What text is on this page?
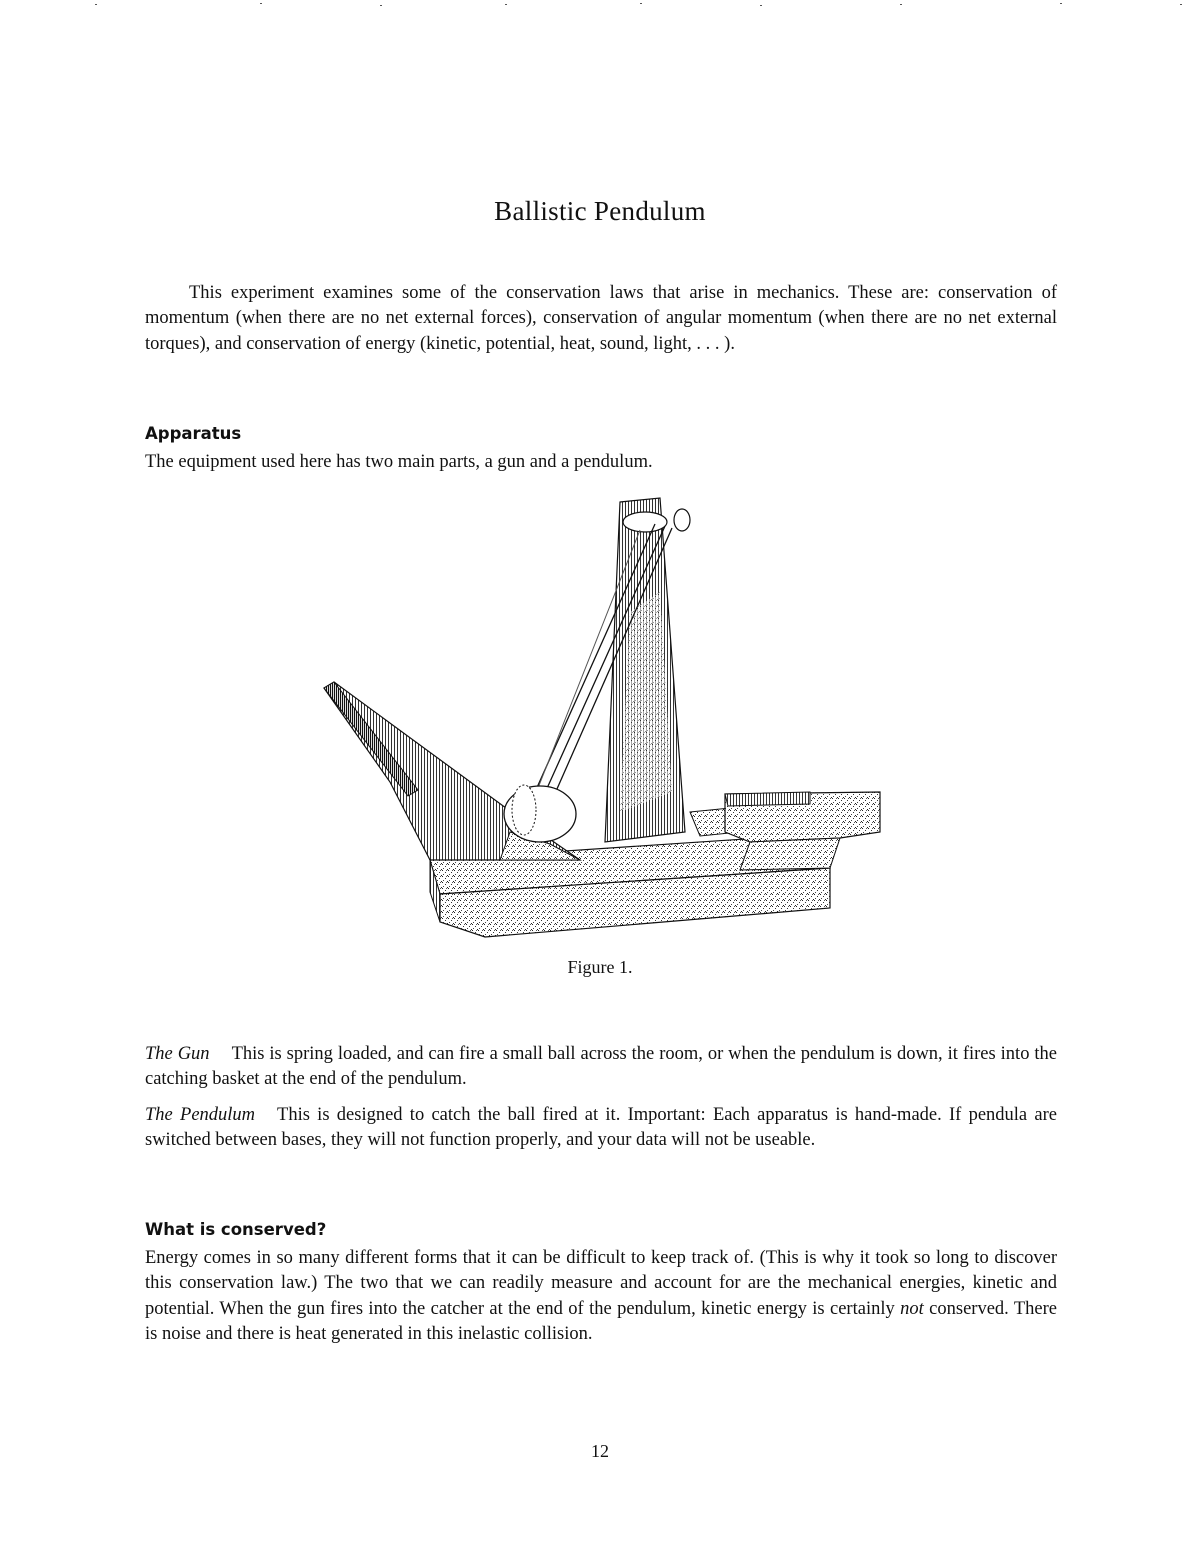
Ballistic Pendulum

This experiment examines some of the conservation laws that arise in mechanics. These are: conservation of momentum (when there are no net external forces), conservation of angular momentum (when there are no net external torques), and conservation of energy (kinetic, potential, heat, sound, light, . . . ).

Apparatus

The equipment used here has two main parts, a gun and a pendulum.

Figure 1.

The Gun This is spring loaded, and can fire a small ball across the room, or when the pendulum is down, it fires into the catching basket at the end of the pendulum.

The Pendulum This is designed to catch the ball fired at it. Important: Each apparatus is hand-made. If pendula are switched between bases, they will not function properly, and your data will not be useable.

What is conserved?

Energy comes in so many different forms that it can be difficult to keep track of. (This is why it took so long to discover this conservation law.) The two that we can readily measure and account for are the mechanical energies, kinetic and potential. When the gun fires into the catcher at the end of the pendulum, kinetic energy is certainly not conserved. There is noise and there is heat generated in this inelastic collision.

12
